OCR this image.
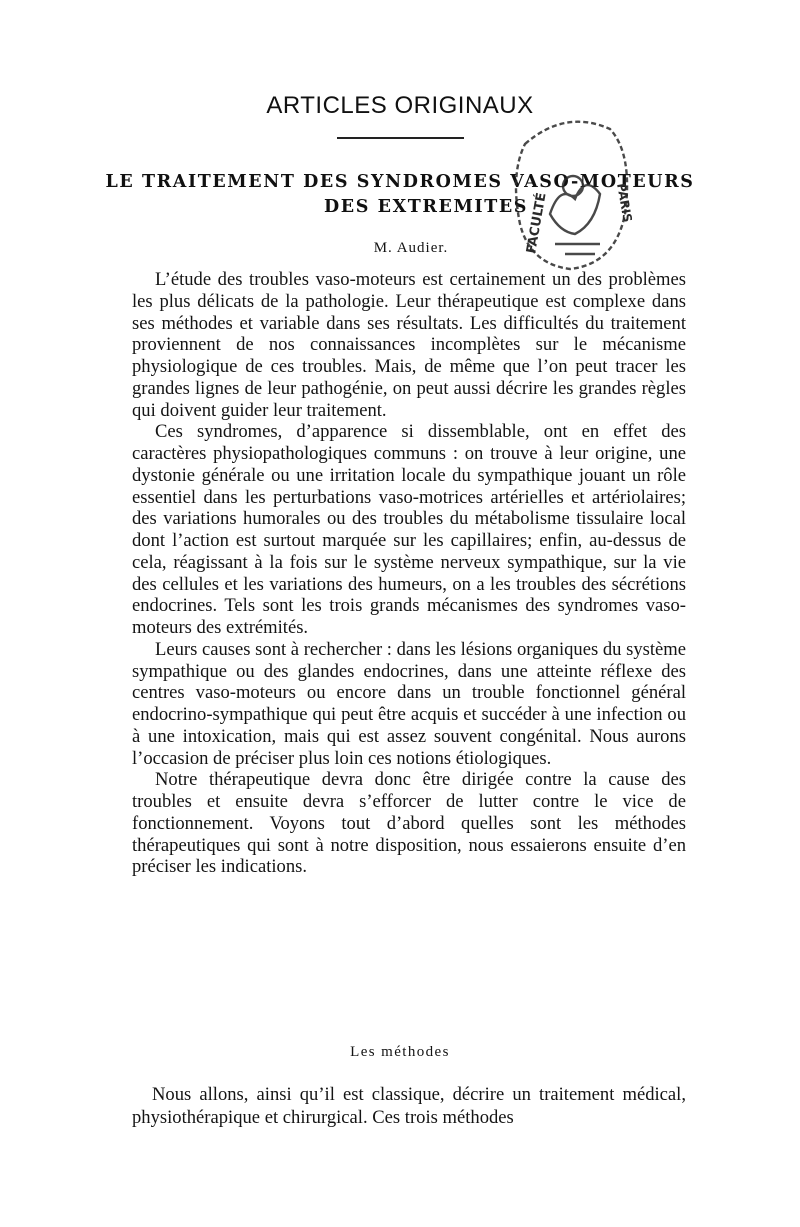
ARTICLES ORIGINAUX
LE TRAITEMENT DES SYNDROMES VASO-MOTEURS
DES EXTREMITES
M. Audier.

L’étude des troubles vaso-moteurs est certainement un des problèmes les plus délicats de la pathologie. Leur thérapeutique est complexe dans ses méthodes et variable dans ses résultats. Les difficultés du traitement proviennent de nos connaissances incomplètes sur le mécanisme physiologique de ces troubles. Mais, de même que l’on peut tracer les grandes lignes de leur pathogénie, on peut aussi décrire les grandes règles qui doivent guider leur traitement.

Ces syndromes, d’apparence si dissemblable, ont en effet des caractères physiopathologiques communs : on trouve à leur origine, une dystonie générale ou une irritation locale du sympathique jouant un rôle essentiel dans les perturbations vaso-motrices artérielles et artériolaires; des variations humorales ou des troubles du métabolisme tissulaire local dont l’action est surtout marquée sur les capillaires; enfin, au-dessus de cela, réagissant à la fois sur le système nerveux sympathique, sur la vie des cellules et les variations des humeurs, on a les troubles des sécrétions endocrines. Tels sont les trois grands mécanismes des syndromes vaso-moteurs des extrémités.

Leurs causes sont à rechercher : dans les lésions organiques du système sympathique ou des glandes endocrines, dans une atteinte réflexe des centres vaso-moteurs ou encore dans un trouble fonctionnel général endocrino-sympathique qui peut être acquis et succéder à une infection ou à une intoxication, mais qui est assez souvent congénital. Nous aurons l’occasion de préciser plus loin ces notions étiologiques.

Notre thérapeutique devra donc être dirigée contre la cause des troubles et ensuite devra s’efforcer de lutter contre le vice de fonctionnement. Voyons tout d’abord quelles sont les méthodes thérapeutiques qui sont à notre disposition, nous essaierons ensuite d’en préciser les indications.

Les méthodes

Nous allons, ainsi qu’il est classique, décrire un traitement médical, physiothérapique et chirurgical. Ces trois méthodes

FACULTÉ	PARIS
